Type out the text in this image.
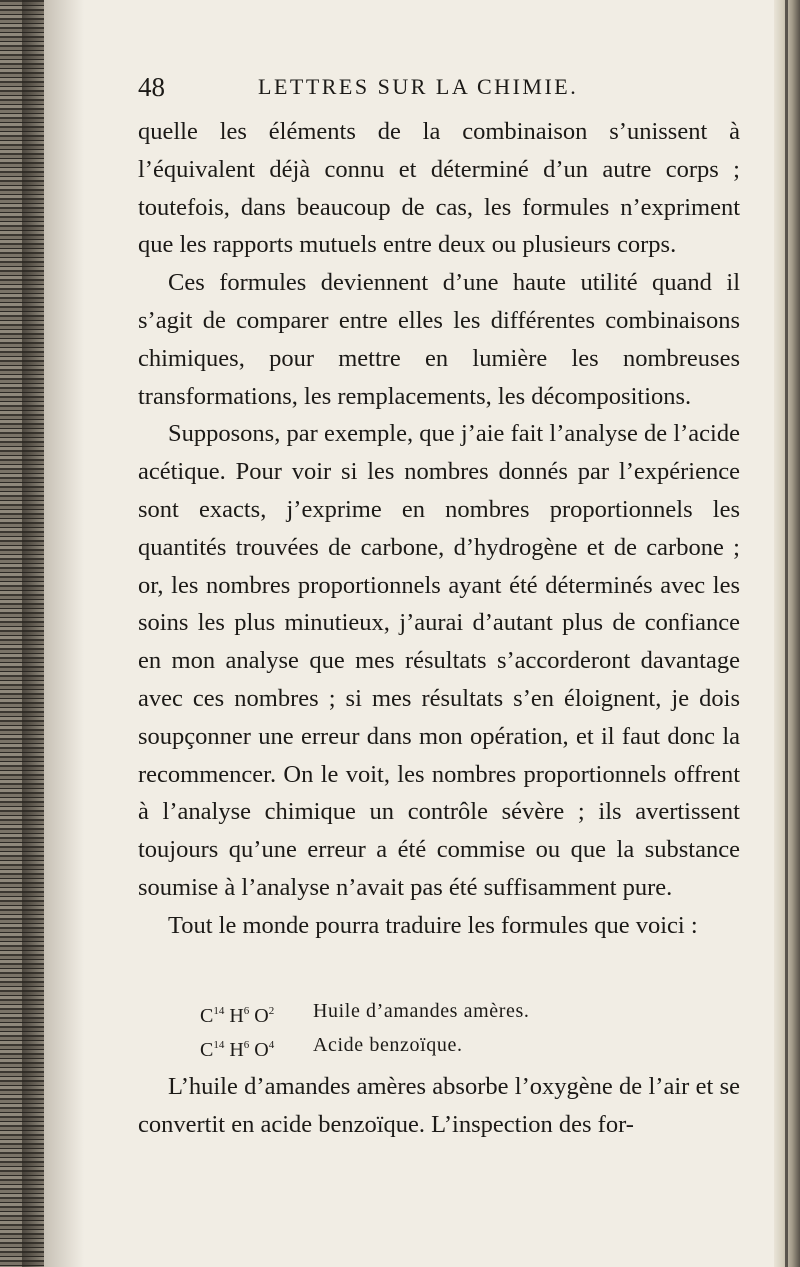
48	LETTRES SUR LA CHIMIE.

quelle les éléments de la combinaison s’unissent à l’équivalent déjà connu et déterminé d’un autre corps ; toutefois, dans beaucoup de cas, les formules n’expriment que les rapports mutuels entre deux ou plusieurs corps.

Ces formules deviennent d’une haute utilité quand il s’agit de comparer entre elles les différentes combinaisons chimiques, pour mettre en lumière les nombreuses transformations, les remplacements, les décompositions.

Supposons, par exemple, que j’aie fait l’analyse de l’acide acétique. Pour voir si les nombres donnés par l’expérience sont exacts, j’exprime en nombres proportionnels les quantités trouvées de carbone, d’hydrogène et de carbone ; or, les nombres proportionnels ayant été déterminés avec les soins les plus minutieux, j’aurai d’autant plus de confiance en mon analyse que mes résultats s’accorderont davantage avec ces nombres ; si mes résultats s’en éloignent, je dois soupçonner une erreur dans mon opération, et il faut donc la recommencer. On le voit, les nombres proportionnels offrent à l’analyse chimique un contrôle sévère ; ils avertissent toujours qu’une erreur a été commise ou que la substance soumise à l’analyse n’avait pas été suffisamment pure.

Tout le monde pourra traduire les formules que voici :

$C^{14}$ $H^6$ $O^2$	Huile d’amandes amères.
$C^{14}$ $H^6$ $O^4$	Acide benzoïque.

L’huile d’amandes amères absorbe l’oxygène de l’air et se convertit en acide benzoïque. L’inspection des for-
